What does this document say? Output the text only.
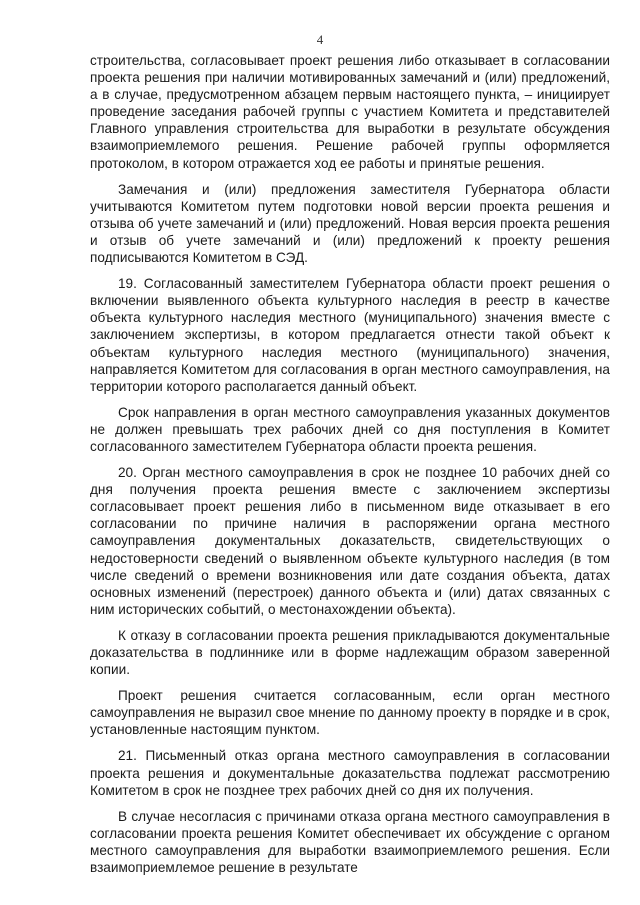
4

строительства, согласовывает проект решения либо отказывает в согласовании проекта решения при наличии мотивированных замечаний и (или) предложений, а в случае, предусмотренном абзацем первым настоящего пункта, – инициирует проведение заседания рабочей группы с участием Комитета и представителей Главного управления строительства для выработки в результате обсуждения взаимоприемлемого решения. Решение рабочей группы оформляется протоколом, в котором отражается ход ее работы и принятые решения.

Замечания и (или) предложения заместителя Губернатора области учитываются Комитетом путем подготовки новой версии проекта решения и отзыва об учете замечаний и (или) предложений. Новая версия проекта решения и отзыв об учете замечаний и (или) предложений к проекту решения подписываются Комитетом в СЭД.

19. Согласованный заместителем Губернатора области проект решения о включении выявленного объекта культурного наследия в реестр в качестве объекта культурного наследия местного (муниципального) значения вместе с заключением экспертизы, в котором предлагается отнести такой объект к объектам культурного наследия местного (муниципального) значения, направляется Комитетом для согласования в орган местного самоуправления, на территории которого располагается данный объект.

Срок направления в орган местного самоуправления указанных документов не должен превышать трех рабочих дней со дня поступления в Комитет согласованного заместителем Губернатора области проекта решения.

20. Орган местного самоуправления в срок не позднее 10 рабочих дней со дня получения проекта решения вместе с заключением экспертизы согласовывает проект решения либо в письменном виде отказывает в его согласовании по причине наличия в распоряжении органа местного самоуправления документальных доказательств, свидетельствующих о недостоверности сведений о выявленном объекте культурного наследия (в том числе сведений о времени возникновения или дате создания объекта, датах основных изменений (перестроек) данного объекта и (или) датах связанных с ним исторических событий, о местонахождении объекта).

К отказу в согласовании проекта решения прикладываются документальные доказательства в подлиннике или в форме надлежащим образом заверенной копии.

Проект решения считается согласованным, если орган местного самоуправления не выразил свое мнение по данному проекту в порядке и в срок, установленные настоящим пунктом.

21. Письменный отказ органа местного самоуправления в согласовании проекта решения и документальные доказательства подлежат рассмотрению Комитетом в срок не позднее трех рабочих дней со дня их получения.

В случае несогласия с причинами отказа органа местного самоуправления в согласовании проекта решения Комитет обеспечивает их обсуждение с органом местного самоуправления для выработки взаимоприемлемого решения. Если взаимоприемлемое решение в результате
